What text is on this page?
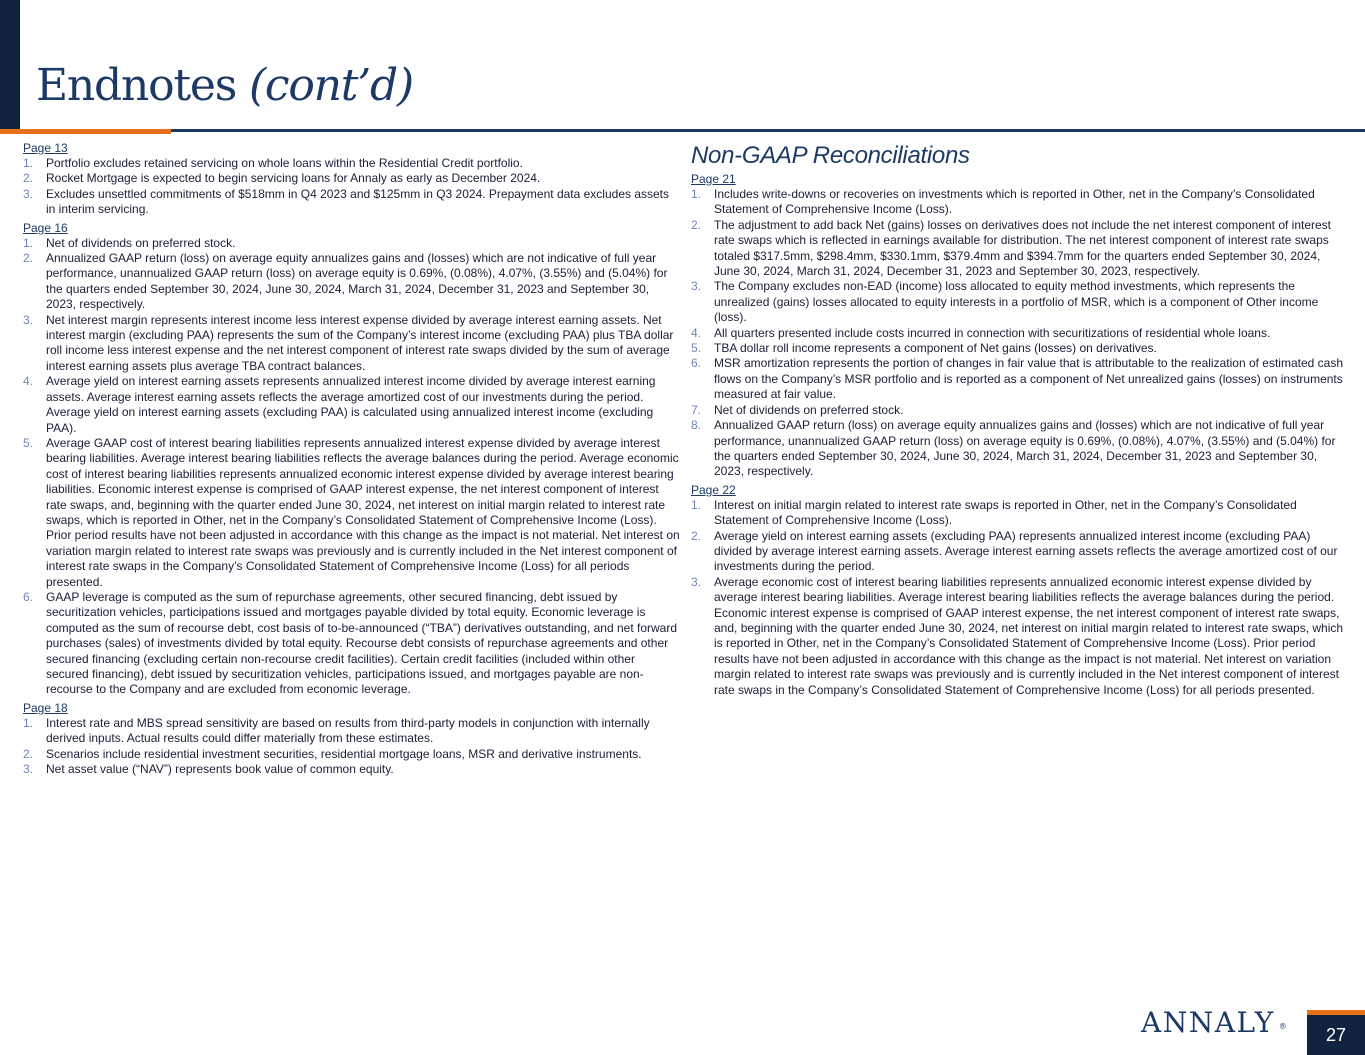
Endnotes (cont’d)
Page 13
1. Portfolio excludes retained servicing on whole loans within the Residential Credit portfolio.
2. Rocket Mortgage is expected to begin servicing loans for Annaly as early as December 2024.
3. Excludes unsettled commitments of $518mm in Q4 2023 and $125mm in Q3 2024. Prepayment data excludes assets in interim servicing.
Page 16
1. Net of dividends on preferred stock.
2. Annualized GAAP return (loss) on average equity annualizes gains and (losses) which are not indicative of full year performance, unannualized GAAP return (loss) on average equity is 0.69%, (0.08%), 4.07%, (3.55%) and (5.04%) for the quarters ended September 30, 2024, June 30, 2024, March 31, 2024, December 31, 2023 and September 30, 2023, respectively.
3. Net interest margin represents interest income less interest expense divided by average interest earning assets. Net interest margin (excluding PAA) represents the sum of the Company’s interest income (excluding PAA) plus TBA dollar roll income less interest expense and the net interest component of interest rate swaps divided by the sum of average interest earning assets plus average TBA contract balances.
4. Average yield on interest earning assets represents annualized interest income divided by average interest earning assets. Average interest earning assets reflects the average amortized cost of our investments during the period. Average yield on interest earning assets (excluding PAA) is calculated using annualized interest income (excluding PAA).
5. Average GAAP cost of interest bearing liabilities represents annualized interest expense divided by average interest bearing liabilities. Average interest bearing liabilities reflects the average balances during the period. Average economic cost of interest bearing liabilities represents annualized economic interest expense divided by average interest bearing liabilities. Economic interest expense is comprised of GAAP interest expense, the net interest component of interest rate swaps, and, beginning with the quarter ended June 30, 2024, net interest on initial margin related to interest rate swaps, which is reported in Other, net in the Company’s Consolidated Statement of Comprehensive Income (Loss). Prior period results have not been adjusted in accordance with this change as the impact is not material. Net interest on variation margin related to interest rate swaps was previously and is currently included in the Net interest component of interest rate swaps in the Company’s Consolidated Statement of Comprehensive Income (Loss) for all periods presented.
6. GAAP leverage is computed as the sum of repurchase agreements, other secured financing, debt issued by securitization vehicles, participations issued and mortgages payable divided by total equity. Economic leverage is computed as the sum of recourse debt, cost basis of to-be-announced (“TBA”) derivatives outstanding, and net forward purchases (sales) of investments divided by total equity. Recourse debt consists of repurchase agreements and other secured financing (excluding certain non-recourse credit facilities). Certain credit facilities (included within other secured financing), debt issued by securitization vehicles, participations issued, and mortgages payable are non-recourse to the Company and are excluded from economic leverage.
Page 18
1. Interest rate and MBS spread sensitivity are based on results from third-party models in conjunction with internally derived inputs. Actual results could differ materially from these estimates.
2. Scenarios include residential investment securities, residential mortgage loans, MSR and derivative instruments.
3. Net asset value (“NAV”) represents book value of common equity.
Non-GAAP Reconciliations
Page 21
1. Includes write-downs or recoveries on investments which is reported in Other, net in the Company’s Consolidated Statement of Comprehensive Income (Loss).
2. The adjustment to add back Net (gains) losses on derivatives does not include the net interest component of interest rate swaps which is reflected in earnings available for distribution. The net interest component of interest rate swaps totaled $317.5mm, $298.4mm, $330.1mm, $379.4mm and $394.7mm for the quarters ended September 30, 2024, June 30, 2024, March 31, 2024, December 31, 2023 and September 30, 2023, respectively.
3. The Company excludes non-EAD (income) loss allocated to equity method investments, which represents the unrealized (gains) losses allocated to equity interests in a portfolio of MSR, which is a component of Other income (loss).
4. All quarters presented include costs incurred in connection with securitizations of residential whole loans.
5. TBA dollar roll income represents a component of Net gains (losses) on derivatives.
6. MSR amortization represents the portion of changes in fair value that is attributable to the realization of estimated cash flows on the Company’s MSR portfolio and is reported as a component of Net unrealized gains (losses) on instruments measured at fair value.
7. Net of dividends on preferred stock.
8. Annualized GAAP return (loss) on average equity annualizes gains and (losses) which are not indicative of full year performance, unannualized GAAP return (loss) on average equity is 0.69%, (0.08%), 4.07%, (3.55%) and (5.04%) for the quarters ended September 30, 2024, June 30, 2024, March 31, 2024, December 31, 2023 and September 30, 2023, respectively.
Page 22
1. Interest on initial margin related to interest rate swaps is reported in Other, net in the Company’s Consolidated Statement of Comprehensive Income (Loss).
2. Average yield on interest earning assets (excluding PAA) represents annualized interest income (excluding PAA) divided by average interest earning assets. Average interest earning assets reflects the average amortized cost of our investments during the period.
3. Average economic cost of interest bearing liabilities represents annualized economic interest expense divided by average interest bearing liabilities. Average interest bearing liabilities reflects the average balances during the period. Economic interest expense is comprised of GAAP interest expense, the net interest component of interest rate swaps, and, beginning with the quarter ended June 30, 2024, net interest on initial margin related to interest rate swaps, which is reported in Other, net in the Company’s Consolidated Statement of Comprehensive Income (Loss). Prior period results have not been adjusted in accordance with this change as the impact is not material. Net interest on variation margin related to interest rate swaps was previously and is currently included in the Net interest component of interest rate swaps in the Company’s Consolidated Statement of Comprehensive Income (Loss) for all periods presented.
ANNALY ® 27
